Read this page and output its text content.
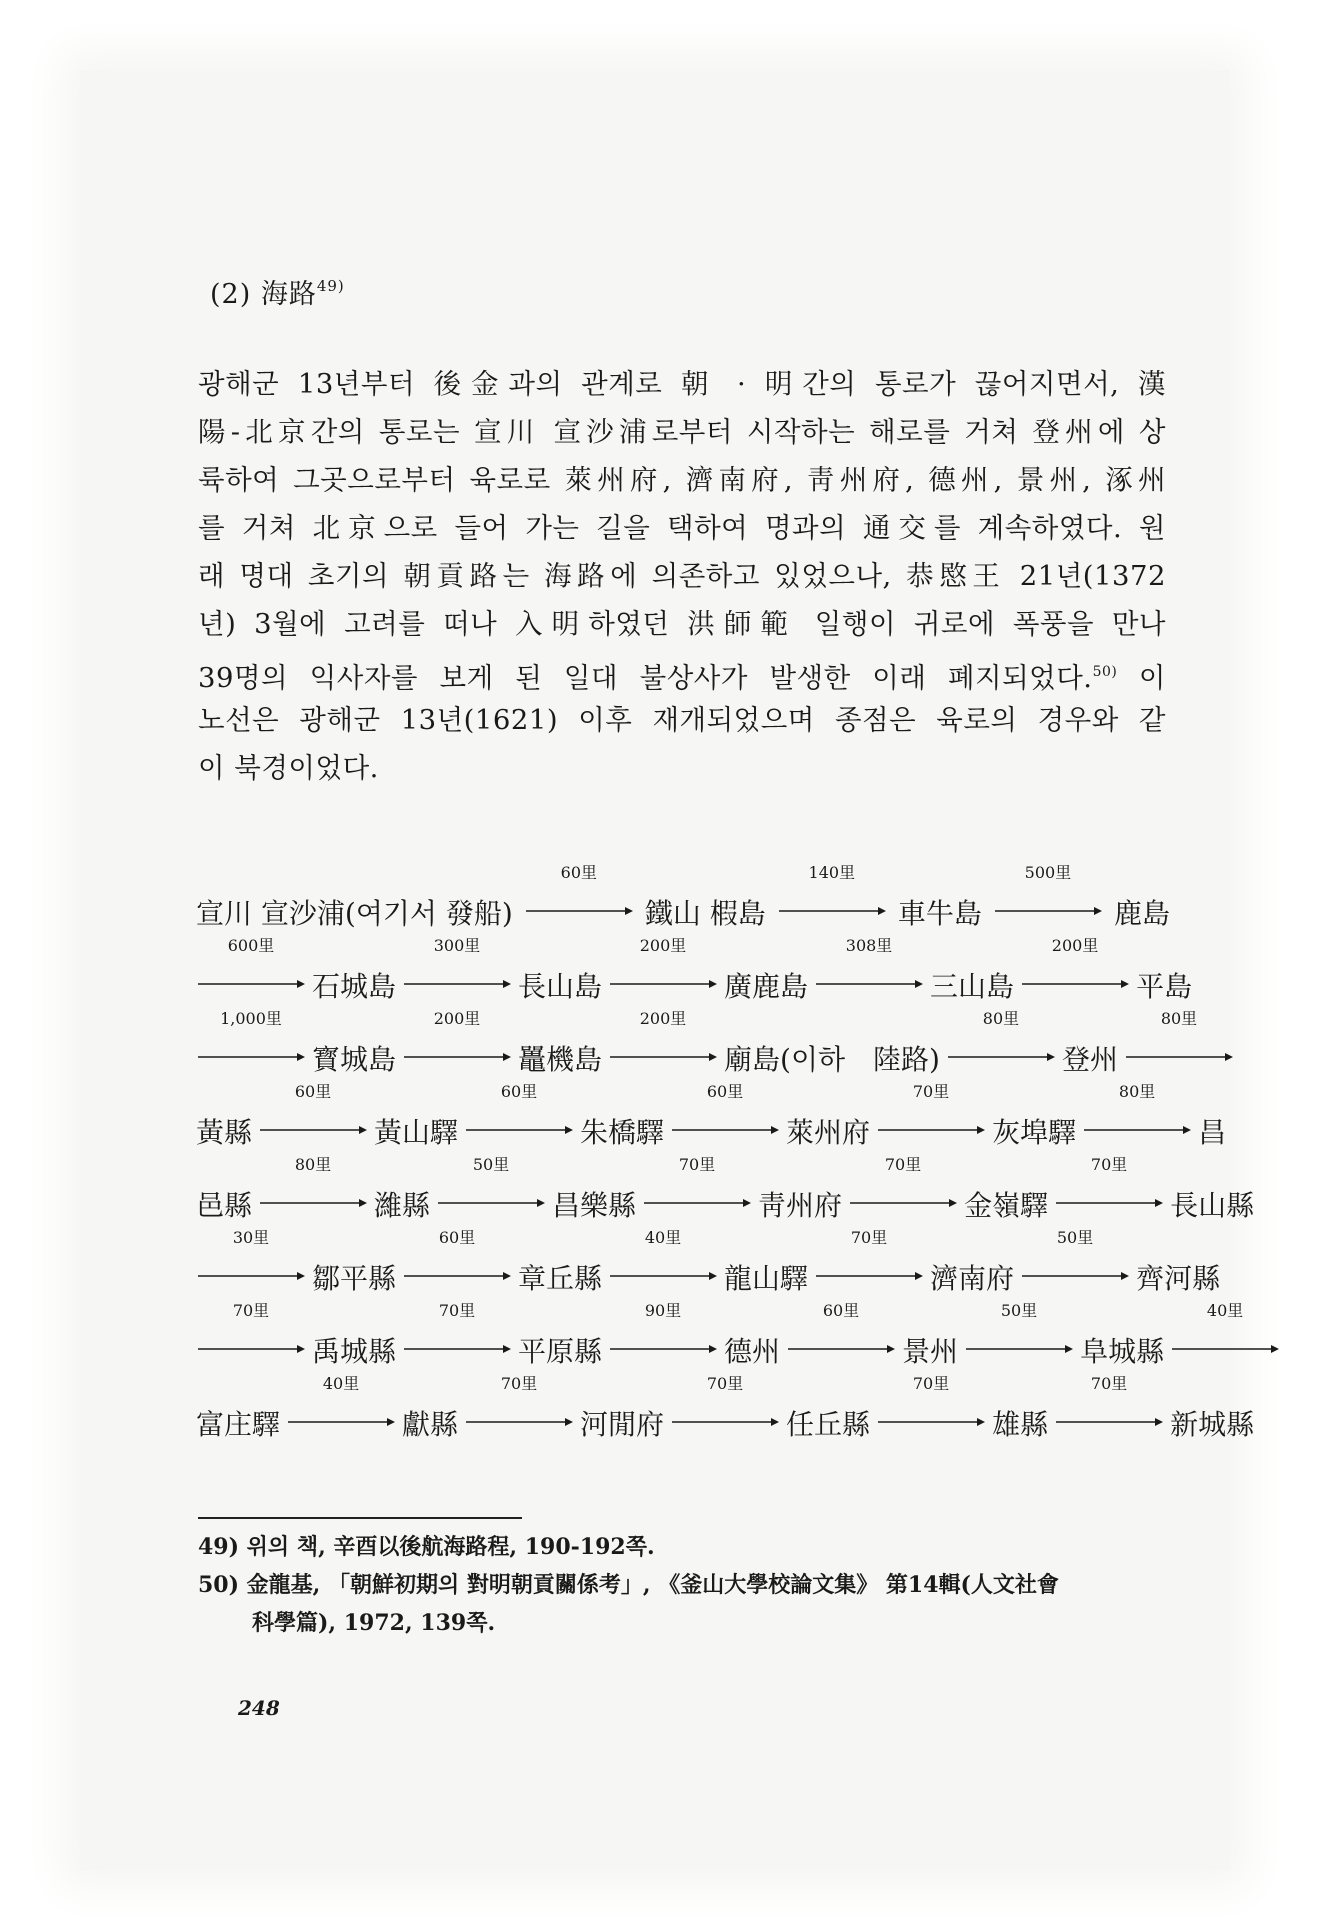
(2) 海路$^{49)}$
광해군 13년부터 後金과의 관계로 朝 · 明간의 통로가 끊어지면서, 漢
陽-北京간의 통로는 宣川 宣沙浦로부터 시작하는 해로를 거쳐 登州에 상
륙하여 그곳으로부터 육로로 萊州府, 濟南府, 靑州府, 德州, 景州, 涿州
를 거쳐 北京으로 들어 가는 길을 택하여 명과의 通交를 계속하였다. 원
래 명대 초기의 朝貢路는 海路에 의존하고 있었으나, 恭愍王 21년(1372
년) 3월에 고려를 떠나 入明하였던 洪師範 일행이 귀로에 폭풍을 만나
39명의 익사자를 보게 된 일대 불상사가 발생한 이래 폐지되었다.$^{50)}$ 이
노선은 광해군 13년(1621) 이후 재개되었으며 종점은 육로의 경우와 같
이 북경이었다.
宣川 宣沙浦(여기서 發船)
60里
鐵山 椵島
140里
車牛島
500里
鹿島
600里
石城島
300里
長山島
200里
廣鹿島
308里
三山島
200里
平島
1,000里
寳城島
200里
鼉機島
200里
廟島(이하　陸路)
80里
登州
80里
黃縣
60里
黃山驛
60里
朱橋驛
60里
萊州府
70里
灰埠驛
80里
昌
邑縣
80里
濰縣
50里
昌樂縣
70里
靑州府
70里
金嶺驛
70里
長山縣
30里
鄒平縣
60里
章丘縣
40里
龍山驛
70里
濟南府
50里
齊河縣
70里
禹城縣
70里
平原縣
90里
德州
60里
景州
50里
阜城縣
40里
富庄驛
40里
獻縣
70里
河閒府
70里
任丘縣
70里
雄縣
70里
新城縣
49) 위의 책, 辛酉以後航海路程, 190-192쪽.
50) 金龍基, 「朝鮮初期의 對明朝貢關係考」, 《釜山大學校論文集》 第14輯(人文社會
科學篇), 1972, 139쪽.
248
